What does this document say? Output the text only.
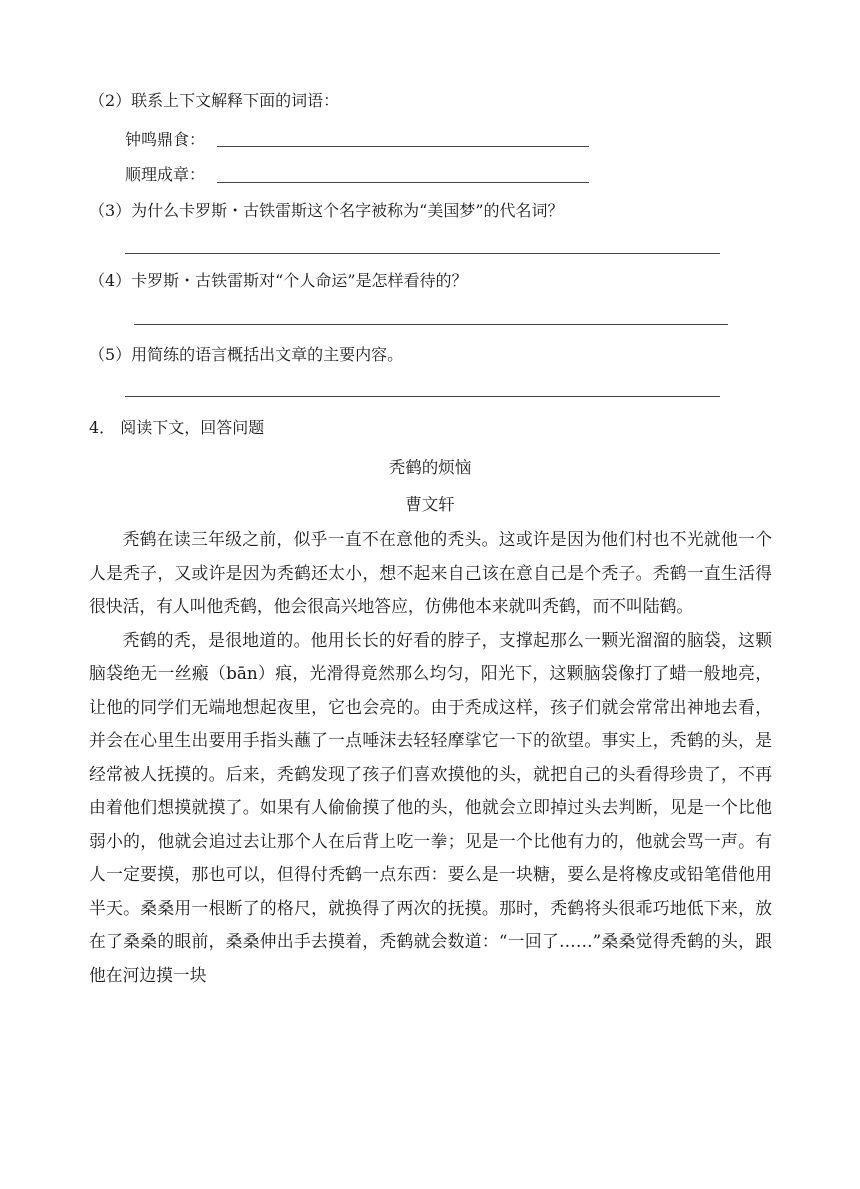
（2）联系上下文解释下面的词语：
钟鸣鼎食：
顺理成章：
（3）为什么卡罗斯・古铁雷斯这个名字被称为“美国梦”的代名词？
（4）卡罗斯・古铁雷斯对“个人命运”是怎样看待的？
（5）用简练的语言概括出文章的主要内容。
4． 阅读下文，回答问题
秃鹤的烦恼
曹文轩

秃鹤在读三年级之前，似乎一直不在意他的秃头。这或许是因为他们村也不光就他一个人是秃子，又或许是因为秃鹤还太小，想不起来自己该在意自己是个秃子。秃鹤一直生活得很快活，有人叫他秃鹤，他会很高兴地答应，仿佛他本来就叫秃鹤，而不叫陆鹤。

秃鹤的秃，是很地道的。他用长长的好看的脖子，支撑起那么一颗光溜溜的脑袋，这颗脑袋绝无一丝瘢（bān）痕，光滑得竟然那么均匀，阳光下，这颗脑袋像打了蜡一般地亮，让他的同学们无端地想起夜里，它也会亮的。由于秃成这样，孩子们就会常常出神地去看，并会在心里生出要用手指头蘸了一点唾沫去轻轻摩挲它一下的欲望。事实上，秃鹤的头，是经常被人抚摸的。后来，秃鹤发现了孩子们喜欢摸他的头，就把自己的头看得珍贵了，不再由着他们想摸就摸了。如果有人偷偷摸了他的头，他就会立即掉过头去判断，见是一个比他弱小的，他就会追过去让那个人在后背上吃一拳；见是一个比他有力的，他就会骂一声。有人一定要摸，那也可以，但得付秃鹤一点东西：要么是一块糖，要么是将橡皮或铅笔借他用半天。桑桑用一根断了的格尺，就换得了两次的抚摸。那时，秃鹤将头很乖巧地低下来，放在了桑桑的眼前，桑桑伸出手去摸着，秃鹤就会数道：“一回了……”桑桑觉得秃鹤的头，跟他在河边摸一块
